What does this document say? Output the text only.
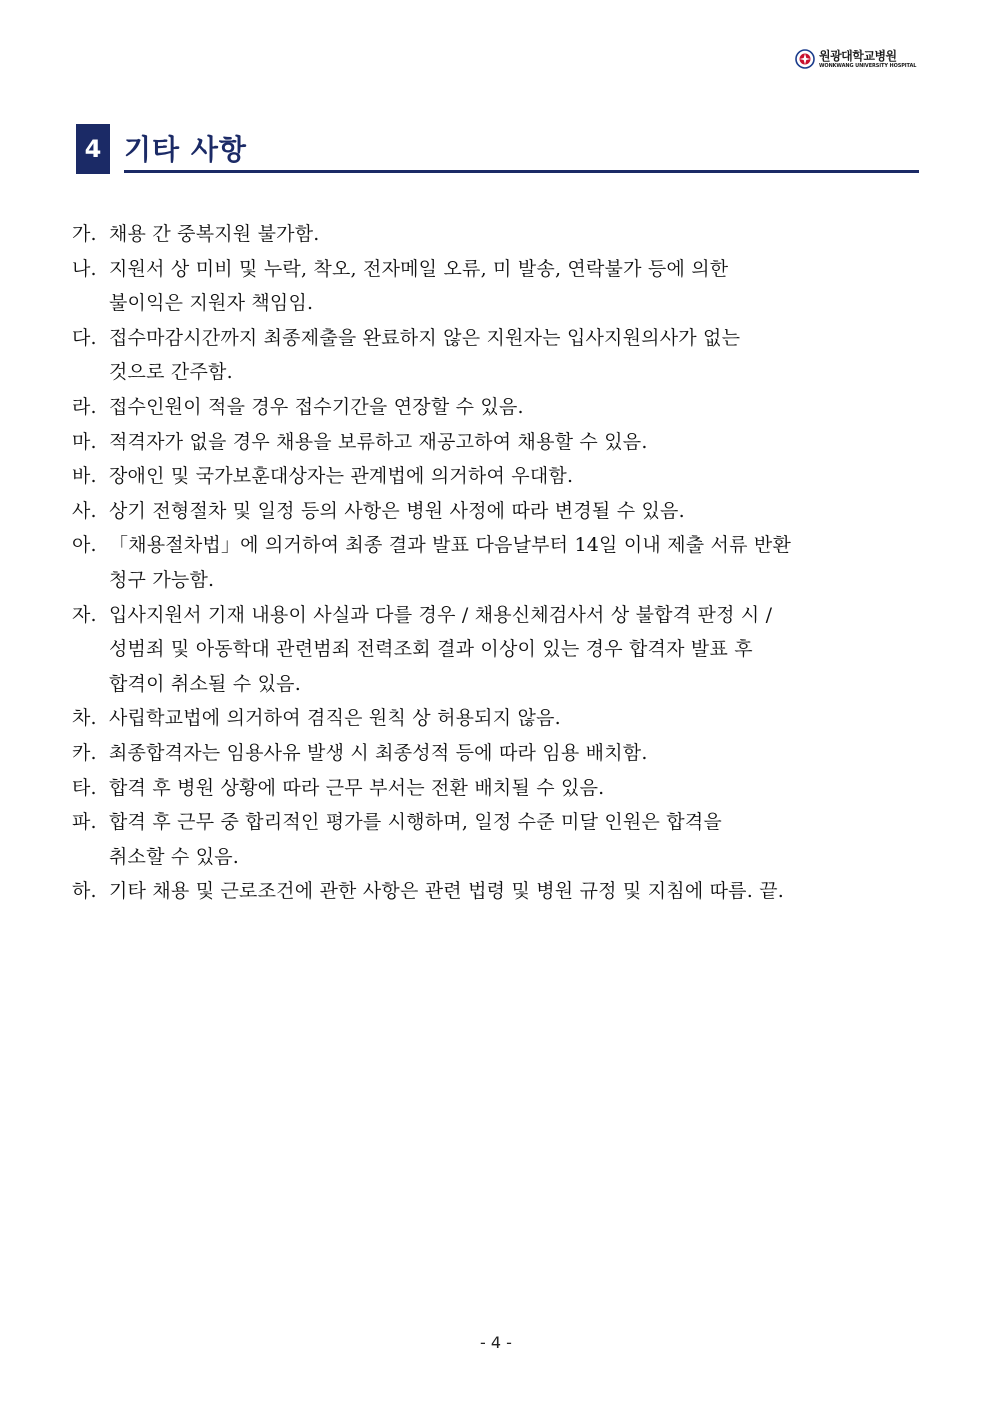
원광대학교병원
WONKWANG UNIVERSITY HOSPITAL
4 기타 사항
가. 채용 간 중복지원 불가함.
나. 지원서 상 미비 및 누락, 착오, 전자메일 오류, 미 발송, 연락불가 등에 의한
불이익은 지원자 책임임.
다. 접수마감시간까지 최종제출을 완료하지 않은 지원자는 입사지원의사가 없는
것으로 간주함.
라. 접수인원이 적을 경우 접수기간을 연장할 수 있음.
마. 적격자가 없을 경우 채용을 보류하고 재공고하여 채용할 수 있음.
바. 장애인 및 국가보훈대상자는 관계법에 의거하여 우대함.
사. 상기 전형절차 및 일정 등의 사항은 병원 사정에 따라 변경될 수 있음.
아. 「채용절차법」에 의거하여 최종 결과 발표 다음날부터 14일 이내 제출 서류 반환
청구 가능함.
자. 입사지원서 기재 내용이 사실과 다를 경우 / 채용신체검사서 상 불합격 판정 시 /
성범죄 및 아동학대 관련범죄 전력조회 결과 이상이 있는 경우 합격자 발표 후
합격이 취소될 수 있음.
차. 사립학교법에 의거하여 겸직은 원칙 상 허용되지 않음.
카. 최종합격자는 임용사유 발생 시 최종성적 등에 따라 임용 배치함.
타. 합격 후 병원 상황에 따라 근무 부서는 전환 배치될 수 있음.
파. 합격 후 근무 중 합리적인 평가를 시행하며, 일정 수준 미달 인원은 합격을
취소할 수 있음.
하. 기타 채용 및 근로조건에 관한 사항은 관련 법령 및 병원 규정 및 지침에 따름. 끝.
- 4 -
